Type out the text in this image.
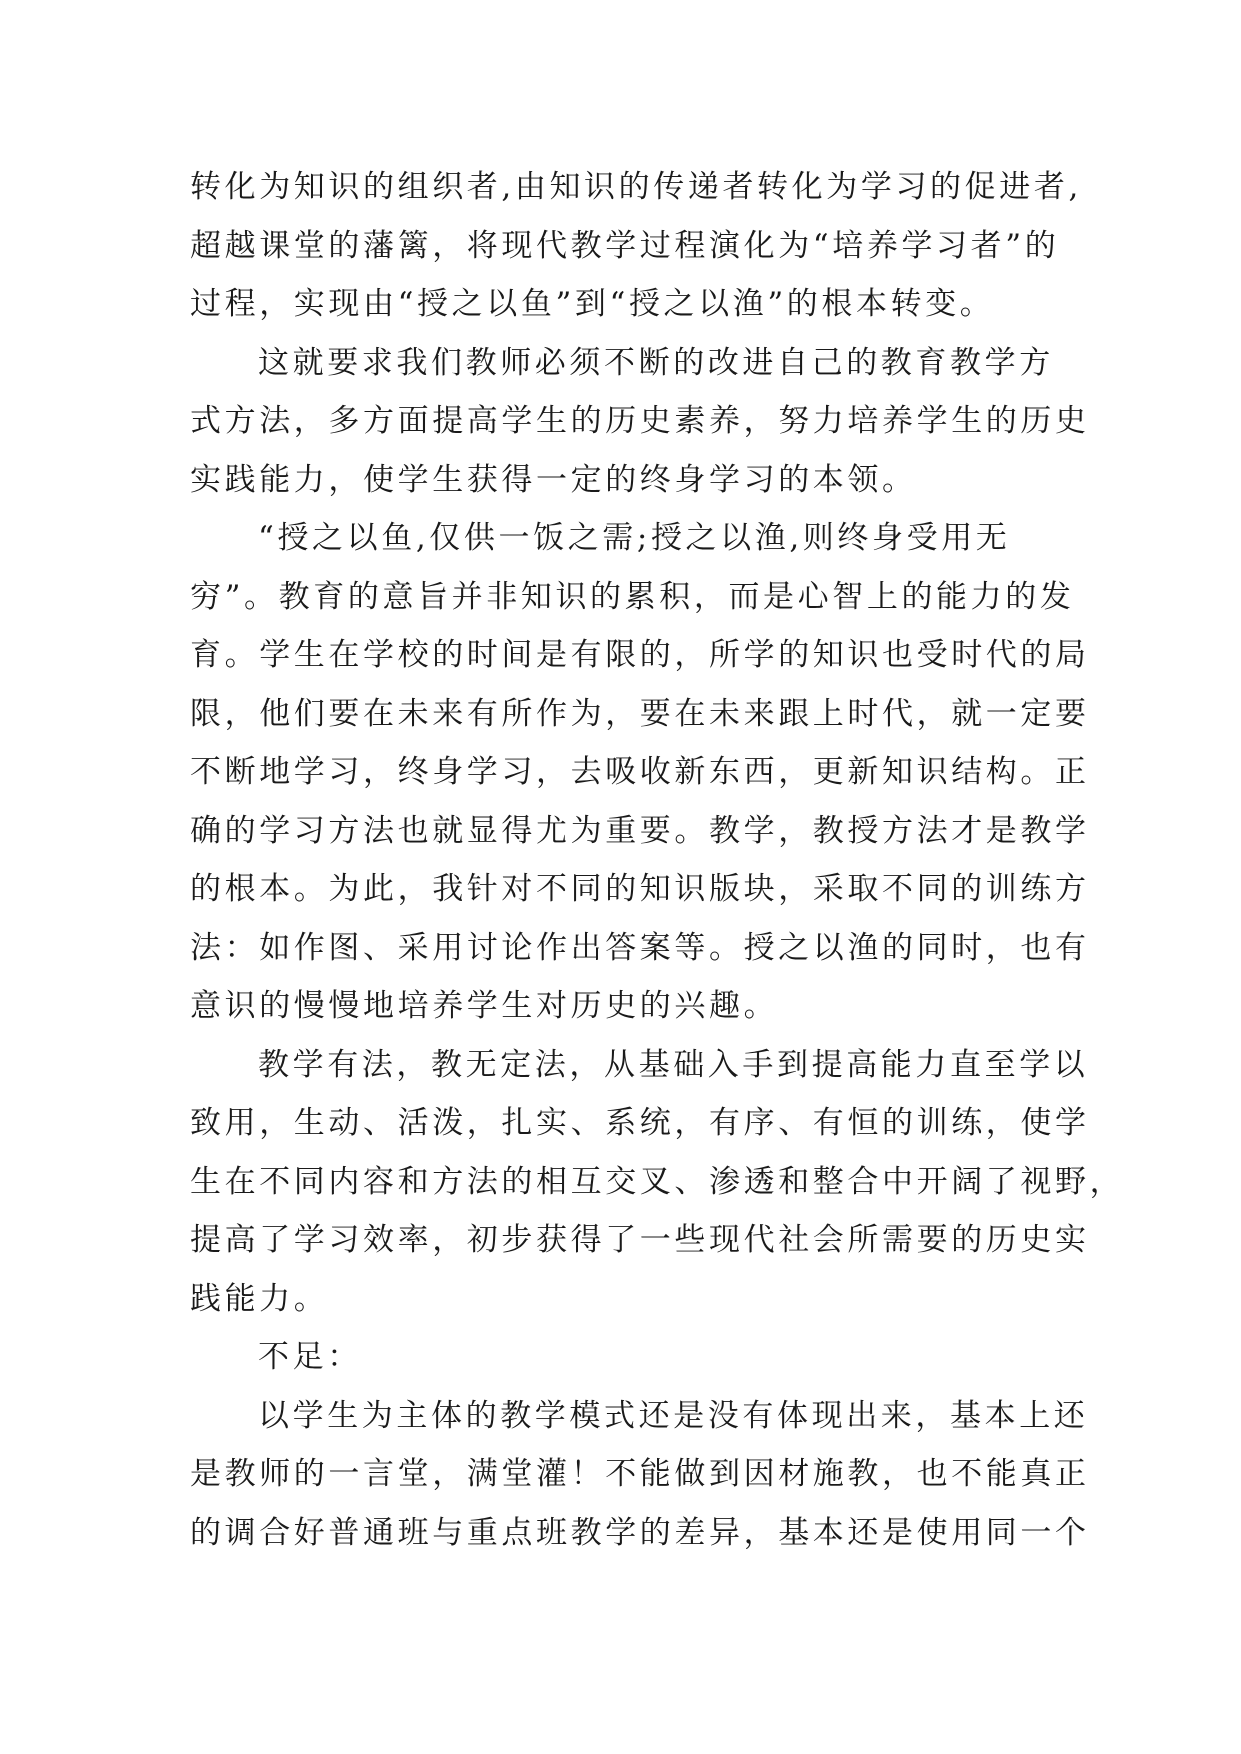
转化为知识的组织者,由知识的传递者转化为学习的促进者,
超越课堂的藩篱，将现代教学过程演化为“培养学习者”的
过程，实现由“授之以鱼”到“授之以渔”的根本转变。
这就要求我们教师必须不断的改进自己的教育教学方
式方法，多方面提高学生的历史素养，努力培养学生的历史
实践能力，使学生获得一定的终身学习的本领。
“授之以鱼,仅供一饭之需;授之以渔,则终身受用无
穷”。教育的意旨并非知识的累积，而是心智上的能力的发
育。学生在学校的时间是有限的，所学的知识也受时代的局
限，他们要在未来有所作为，要在未来跟上时代，就一定要
不断地学习，终身学习，去吸收新东西，更新知识结构。正
确的学习方法也就显得尤为重要。教学，教授方法才是教学
的根本。为此，我针对不同的知识版块，采取不同的训练方
法：如作图、采用讨论作出答案等。授之以渔的同时，也有
意识的慢慢地培养学生对历史的兴趣。
教学有法，教无定法，从基础入手到提高能力直至学以
致用，生动、活泼，扎实、系统，有序、有恒的训练，使学
生在不同内容和方法的相互交叉、渗透和整合中开阔了视野，
提高了学习效率，初步获得了一些现代社会所需要的历史实
践能力。
不足：
以学生为主体的教学模式还是没有体现出来，基本上还
是教师的一言堂，满堂灌！不能做到因材施教，也不能真正
的调合好普通班与重点班教学的差异，基本还是使用同一个
